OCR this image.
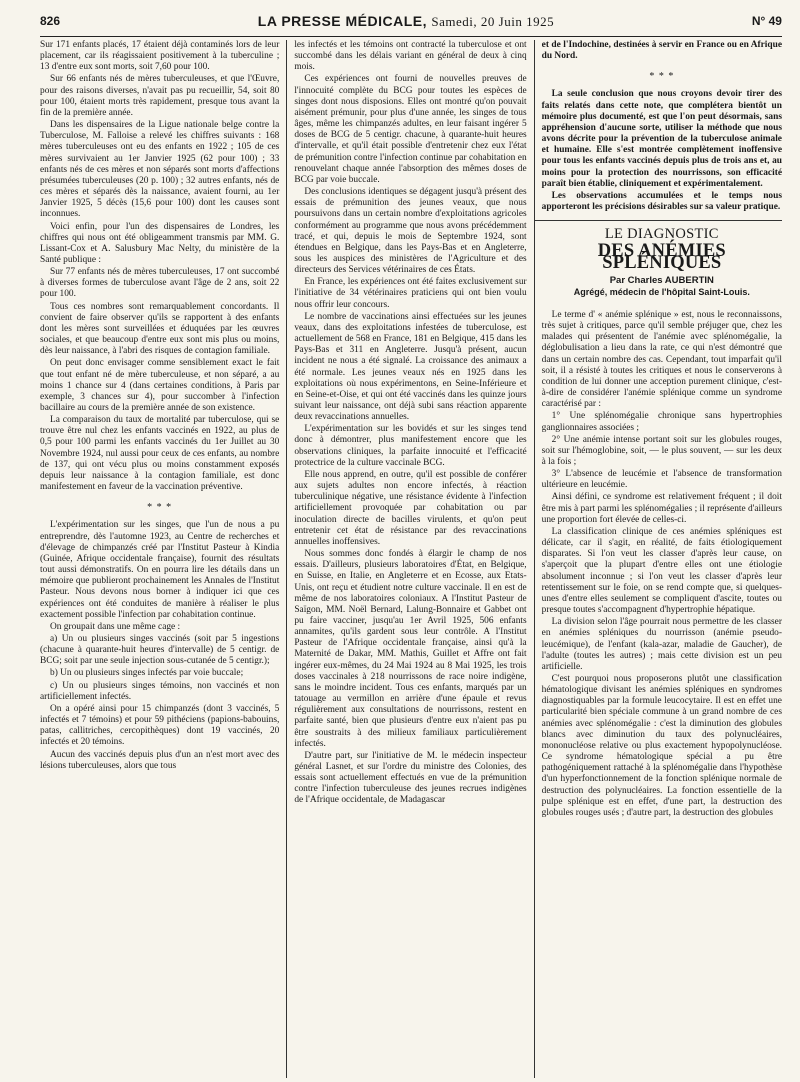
826	LA PRESSE MÉDICALE, Samedi, 20 Juin 1925	N° 49

Sur 171 enfants placés, 17 étaient déjà contaminés lors de leur placement, car ils réagissaient positivement à la tuberculine ; 13 d'entre eux sont morts, soit 7,60 pour 100.

Sur 66 enfants nés de mères tuberculeuses, et que l'Œuvre, pour des raisons diverses, n'avait pas pu recueillir, 54, soit 80 pour 100, étaient morts très rapidement, presque tous avant la fin de la première année.

Dans les dispensaires de la Ligue nationale belge contre la Tuberculose, M. Falloise a relevé les chiffres suivants : 168 mères tuberculeuses ont eu des enfants en 1922 ; 105 de ces mères survivaient au 1er Janvier 1925 (62 pour 100) ; 33 enfants nés de ces mères et non séparés sont morts d'affections présumées tuberculeuses (20 p. 100) ; 32 autres enfants, nés de ces mères et séparés dès la naissance, avaient fourni, au 1er Janvier 1925, 5 décès (15,6 pour 100) dont les causes sont inconnues.

Voici enfin, pour l'un des dispensaires de Londres, les chiffres qui nous ont été obligeamment transmis par MM. G. Lissant-Cox et A. Salusbury Mac Nelty, du ministère de la Santé publique :

Sur 77 enfants nés de mères tuberculeuses, 17 ont succombé à diverses formes de tuberculose avant l'âge de 2 ans, soit 22 pour 100.

Tous ces nombres sont remarquablement concordants. Il convient de faire observer qu'ils se rapportent à des enfants dont les mères sont surveillées et éduquées par les œuvres sociales, et que beaucoup d'entre eux sont mis plus ou moins, dès leur naissance, à l'abri des risques de contagion familiale.

On peut donc envisager comme sensiblement exact le fait que tout enfant né de mère tuberculeuse, et non séparé, a au moins 1 chance sur 4 (dans certaines conditions, à Paris par exemple, 3 chances sur 4), pour succomber à l'infection bacillaire au cours de la première année de son existence.

La comparaison du taux de mortalité par tuberculose, qui se trouve être nul chez les enfants vaccinés en 1922, au plus de 0,5 pour 100 parmi les enfants vaccinés du 1er Juillet au 30 Novembre 1924, nul aussi pour ceux de ces enfants, au nombre de 137, qui ont vécu plus ou moins constamment exposés depuis leur naissance à la contagion familiale, est donc manifestement en faveur de la vaccination préventive.

* * *

L'expérimentation sur les singes, que l'un de nous a pu entreprendre, dès l'automne 1923, au Centre de recherches et d'élevage de chimpanzés créé par l'Institut Pasteur à Kindia (Guinée, Afrique occidentale française), fournit des résultats tout aussi démonstratifs. On en pourra lire les détails dans un mémoire que publieront prochainement les Annales de l'Institut Pasteur. Nous devons nous borner à indiquer ici que ces expériences ont été conduites de manière à réaliser le plus exactement possible l'infection par cohabitation continue.

On groupait dans une même cage :

a) Un ou plusieurs singes vaccinés (soit par 5 ingestions (chacune à quarante-huit heures d'intervalle) de 5 centigr. de BCG; soit par une seule injection sous-cutanée de 5 centigr.);

b) Un ou plusieurs singes infectés par voie buccale;

c) Un ou plusieurs singes témoins, non vaccinés et non artificiellement infectés.

On a opéré ainsi pour 15 chimpanzés (dont 3 vaccinés, 5 infectés et 7 témoins) et pour 59 pithéciens (papions-babouins, patas, callitriches, cercopithèques) dont 19 vaccinés, 20 infectés et 20 témoins.

Aucun des vaccinés depuis plus d'un an n'est mort avec des lésions tuberculeuses, alors que tous

les infectés et les témoins ont contracté la tuberculose et ont succombé dans les délais variant en général de deux à cinq mois.

Ces expériences ont fourni de nouvelles preuves de l'innocuité complète du BCG pour toutes les espèces de singes dont nous disposions. Elles ont montré qu'on pouvait aisément prémunir, pour plus d'une année, les singes de tous âges, même les chimpanzés adultes, en leur faisant ingérer 5 doses de BCG de 5 centigr. chacune, à quarante-huit heures d'intervalle, et qu'il était possible d'entretenir chez eux l'état de prémunition contre l'infection continue par cohabitation en renouvelant chaque année l'absorption des mêmes doses de BCG par voie buccale.

Des conclusions identiques se dégagent jusqu'à présent des essais de prémunition des jeunes veaux, que nous poursuivons dans un certain nombre d'exploitations agricoles conformément au programme que nous avons précédemment tracé, et qui, depuis le mois de Septembre 1924, sont étendues en Belgique, dans les Pays-Bas et en Angleterre, sous les auspices des ministères de l'Agriculture et des directeurs des Services vétérinaires de ces États.

En France, les expériences ont été faites exclusivement sur l'initiative de 34 vétérinaires praticiens qui ont bien voulu nous offrir leur concours.

Le nombre de vaccinations ainsi effectuées sur les jeunes veaux, dans des exploitations infestées de tuberculose, est actuellement de 568 en France, 181 en Belgique, 415 dans les Pays-Bas et 311 en Angleterre. Jusqu'à présent, aucun incident ne nous a été signalé. La croissance des animaux a été normale. Les jeunes veaux nés en 1925 dans les exploitations où nous expérimentons, en Seine-Inférieure et en Seine-et-Oise, et qui ont été vaccinés dans les quinze jours suivant leur naissance, ont déjà subi sans réaction apparente deux revaccinations annuelles.

L'expérimentation sur les bovidés et sur les singes tend donc à démontrer, plus manifestement encore que les observations cliniques, la parfaite innocuité et l'efficacité protectrice de la culture vaccinale BCG.

Elle nous apprend, en outre, qu'il est possible de conférer aux sujets adultes non encore infectés, à réaction tuberculinique négative, une résistance évidente à l'infection artificiellement provoquée par cohabitation ou par inoculation directe de bacilles virulents, et qu'on peut entretenir cet état de résistance par des revaccinations annuelles inoffensives.

Nous sommes donc fondés à élargir le champ de nos essais. D'ailleurs, plusieurs laboratoires d'État, en Belgique, en Suisse, en Italie, en Angleterre et en Ecosse, aux Etats-Unis, ont reçu et étudient notre culture vaccinale. Il en est de même de nos laboratoires coloniaux. A l'Institut Pasteur de Saïgon, MM. Noël Bernard, Lalung-Bonnaire et Gabbet ont pu faire vacciner, jusqu'au 1er Avril 1925, 506 enfants annamites, qu'ils gardent sous leur contrôle. A l'Institut Pasteur de l'Afrique occidentale française, ainsi qu'à la Maternité de Dakar, MM. Mathis, Guillet et Affre ont fait ingérer eux-mêmes, du 24 Mai 1924 au 8 Mai 1925, les trois doses vaccinales à 218 nourrissons de race noire indigène, sans le moindre incident. Tous ces enfants, marqués par un tatouage au vermillon en arrière d'une épaule et revus régulièrement aux consultations de nourrissons, restent en parfaite santé, bien que plusieurs d'entre eux n'aient pas pu être soustraits à des milieux familiaux particulièrement infectés.

D'autre part, sur l'initiative de M. le médecin inspecteur général Lasnet, et sur l'ordre du ministre des Colonies, des essais sont actuellement effectués en vue de la prémunition contre l'infection tuberculeuse des jeunes recrues indigènes de l'Afrique occidentale, de Madagascar

et de l'Indochine, destinées à servir en France ou en Afrique du Nord.

* * *

La seule conclusion que nous croyons devoir tirer des faits relatés dans cette note, que complétera bientôt un mémoire plus documenté, est que l'on peut désormais, sans appréhension d'aucune sorte, utiliser la méthode que nous avons décrite pour la prévention de la tuberculose animale et humaine. Elle s'est montrée complètement inoffensive pour tous les enfants vaccinés depuis plus de trois ans et, au moins pour la protection des nourrissons, son efficacité paraît bien établie, cliniquement et expérimentalement.

Les observations accumulées et le temps nous apporteront les précisions désirables sur sa valeur pratique.

LE DIAGNOSTIC
DES ANÉMIES SPLÉNIQUES
Par Charles AUBERTIN
Agrégé, médecin de l'hôpital Saint-Louis.

Le terme d' « anémie splénique » est, nous le reconnaissons, très sujet à critiques, parce qu'il semble préjuger que, chez les malades qui présentent de l'anémie avec splénomégalie, la déglobulisation a lieu dans la rate, ce qui n'est démontré que dans un certain nombre des cas. Cependant, tout imparfait qu'il soit, il a résisté à toutes les critiques et nous le conserverons à condition de lui donner une acception purement clinique, c'est-à-dire de considérer l'anémie splénique comme un syndrome caractérisé par :

1° Une splénomégalie chronique sans hypertrophies ganglionnaires associées ;

2° Une anémie intense portant soit sur les globules rouges, soit sur l'hémoglobine, soit, — le plus souvent, — sur les deux à la fois ;

3° L'absence de leucémie et l'absence de transformation ultérieure en leucémie.

Ainsi défini, ce syndrome est relativement fréquent ; il doit être mis à part parmi les splénomégalies ; il représente d'ailleurs une proportion fort élevée de celles-ci.

La classification clinique de ces anémies spléniques est délicate, car il s'agit, en réalité, de faits étiologiquement disparates. Si l'on veut les classer d'après leur cause, on s'aperçoit que la plupart d'entre elles ont une étiologie absolument inconnue ; si l'on veut les classer d'après leur retentissement sur le foie, on se rend compte que, si quelques-unes d'entre elles seulement se compliquent d'ascite, toutes ou presque toutes s'accompagnent d'hypertrophie hépatique.

La division selon l'âge pourrait nous permettre de les classer en anémies spléniques du nourrisson (anémie pseudo-leucémique), de l'enfant (kala-azar, maladie de Gaucher), de l'adulte (toutes les autres) ; mais cette division est un peu artificielle.

C'est pourquoi nous proposerons plutôt une classification hématologique divisant les anémies spléniques en syndromes diagnostiquables par la formule leucocytaire. Il est en effet une particularité bien spéciale commune à un grand nombre de ces anémies avec splénomégalie : c'est la diminution des globules blancs avec diminution du taux des polynucléaires, mononucléose relative ou plus exactement hypopolynucléose. Ce syndrome hématologique spécial a pu être pathogéniquement rattaché à la splénomégalie dans l'hypothèse d'un hyperfonctionnement de la fonction splénique normale de destruction des polynucléaires. La fonction essentielle de la pulpe splénique est en effet, d'une part, la destruction des globules rouges usés ; d'autre part, la destruction des globules
